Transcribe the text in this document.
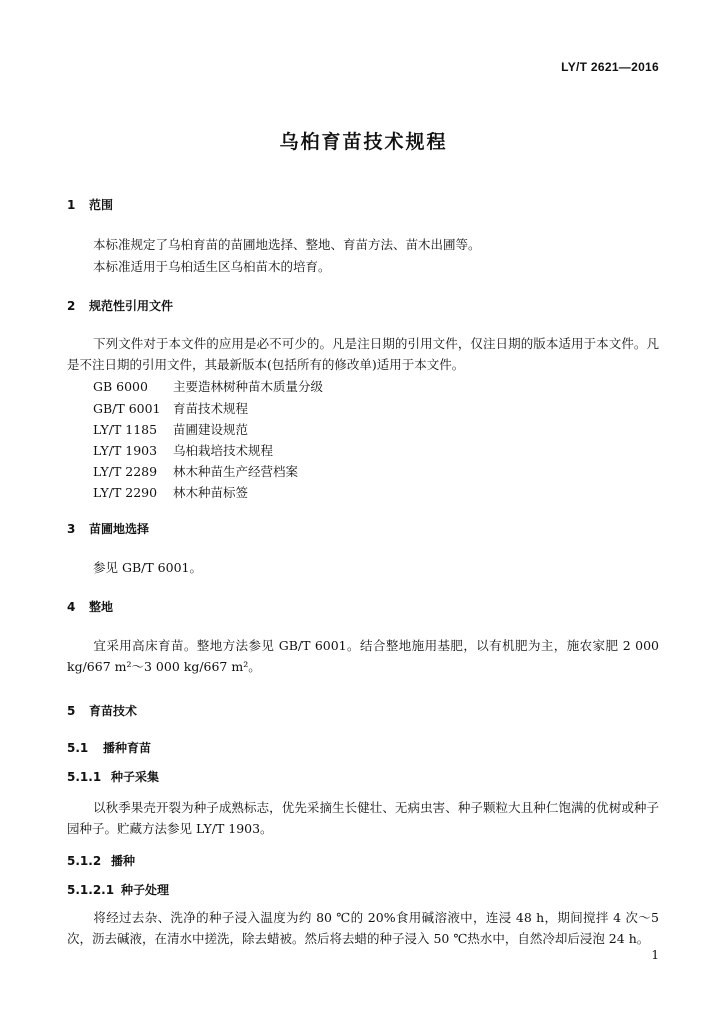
LY/T 2621—2016
乌桕育苗技术规程
1 范围
本标准规定了乌桕育苗的苗圃地选择、整地、育苗方法、苗木出圃等。
本标准适用于乌桕适生区乌桕苗木的培育。
2 规范性引用文件
下列文件对于本文件的应用是必不可少的。凡是注日期的引用文件，仅注日期的版本适用于本文件。凡是不注日期的引用文件，其最新版本(包括所有的修改单)适用于本文件。
GB 6000 主要造林树种苗木质量分级
GB/T 6001 育苗技术规程
LY/T 1185 苗圃建设规范
LY/T 1903 乌桕栽培技术规程
LY/T 2289 林木种苗生产经营档案
LY/T 2290 林木种苗标签
3 苗圃地选择
参见 GB/T 6001。
4 整地
宜采用高床育苗。整地方法参见 GB/T 6001。结合整地施用基肥，以有机肥为主，施农家肥 2 000 kg/667 m²～3 000 kg/667 m²。
5 育苗技术
5.1 播种育苗
5.1.1 种子采集
以秋季果壳开裂为种子成熟标志，优先采摘生长健壮、无病虫害、种子颗粒大且种仁饱满的优树或种子园种子。贮藏方法参见 LY/T 1903。
5.1.2 播种
5.1.2.1 种子处理
将经过去杂、洗净的种子浸入温度为约 80 ℃的 20%食用碱溶液中，连浸 48 h，期间搅拌 4 次～5 次，沥去碱液，在清水中搓洗，除去蜡被。然后将去蜡的种子浸入 50 ℃热水中，自然冷却后浸泡 24 h。
1
